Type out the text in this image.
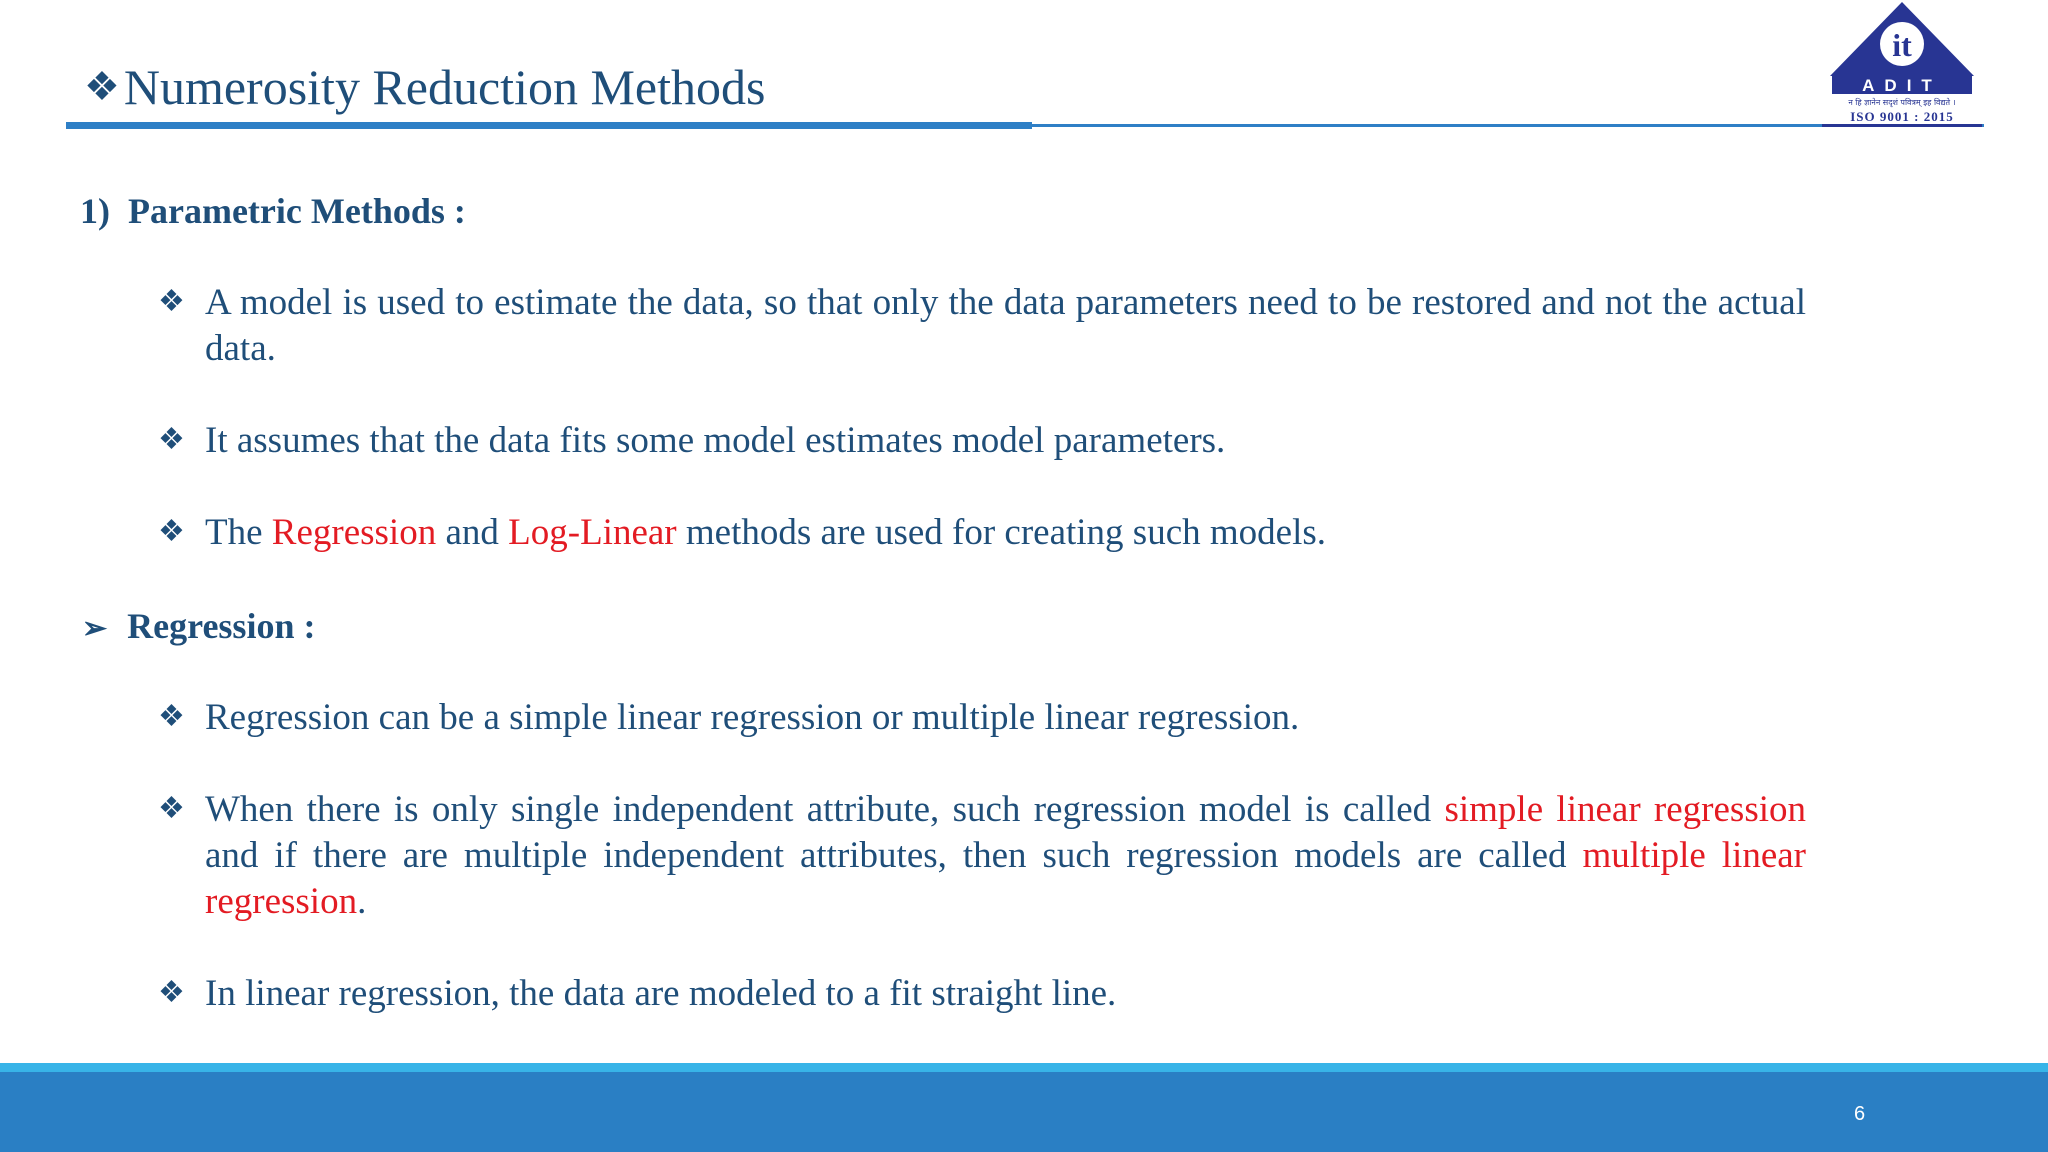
❖Numerosity Reduction Methods
it
ADIT
न हि ज्ञानेन सदृशं पवित्रम् इह विद्यते ।
ISO 9001 : 2015
1) Parametric Methods :
❖ A model is used to estimate the data, so that only the data parameters need to be restored and not the actual data.
❖ It assumes that the data fits some model estimates model parameters.
❖ The Regression and Log-Linear methods are used for creating such models.
➢ Regression :
❖ Regression can be a simple linear regression or multiple linear regression.
❖ When there is only single independent attribute, such regression model is called simple linear regression and if there are multiple independent attributes, then such regression models are called multiple linear regression.
❖ In linear regression, the data are modeled to a fit straight line.
6
